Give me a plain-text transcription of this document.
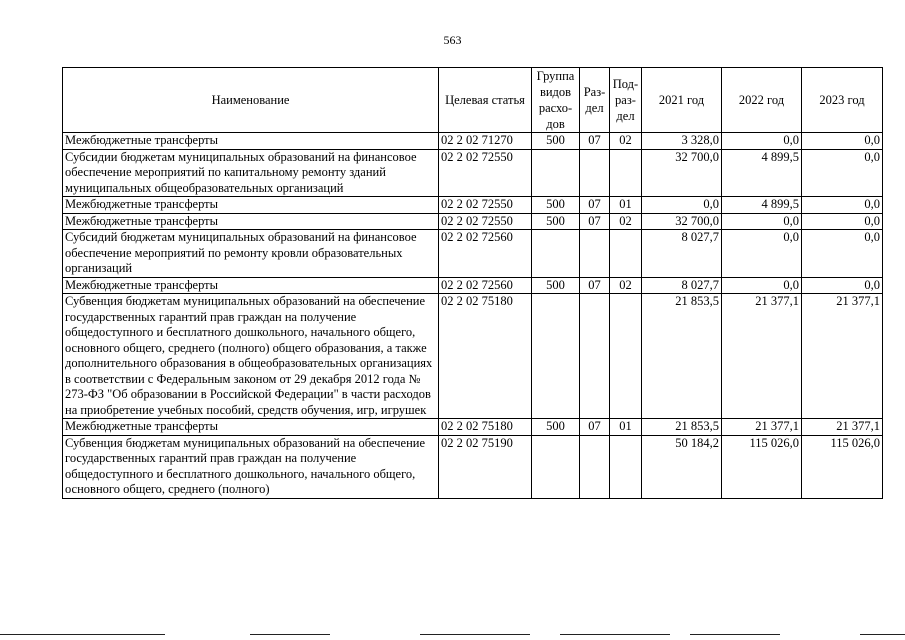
563
Наименование	Целевая статья	Группа видов расхо-дов	Раз-дел	Под-раз-дел	2021 год	2022 год	2023 год
Межбюджетные трансферты	02 2 02 71270	500	07	02	3 328,0	0,0	0,0
Субсидии бюджетам муниципальных образований на финансовое обеспечение мероприятий по капитальному ремонту зданий муниципальных общеобразовательных организаций	02 2 02 72550				32 700,0	4 899,5	0,0
Межбюджетные трансферты	02 2 02 72550	500	07	01	0,0	4 899,5	0,0
Межбюджетные трансферты	02 2 02 72550	500	07	02	32 700,0	0,0	0,0
Субсидий бюджетам муниципальных образований на финансовое обеспечение мероприятий по ремонту кровли образовательных организаций	02 2 02 72560				8 027,7	0,0	0,0
Межбюджетные трансферты	02 2 02 72560	500	07	02	8 027,7	0,0	0,0
Субвенция бюджетам муниципальных образований на обеспечение государственных гарантий прав граждан на получение общедоступного и бесплатного дошкольного, начального общего, основного общего, среднего (полного) общего образования, а также дополнительного образования в общеобразовательных организациях в соответствии с Федеральным законом от 29 декабря 2012 года № 273-ФЗ "Об образовании в Российской Федерации" в части расходов на приобретение учебных пособий, средств обучения, игр, игрушек	02 2 02 75180				21 853,5	21 377,1	21 377,1
Межбюджетные трансферты	02 2 02 75180	500	07	01	21 853,5	21 377,1	21 377,1
Субвенция бюджетам муниципальных образований на обеспечение государственных гарантий прав граждан на получение общедоступного и бесплатного дошкольного, начального общего, основного общего, среднего (полного)	02 2 02 75190				50 184,2	115 026,0	115 026,0
